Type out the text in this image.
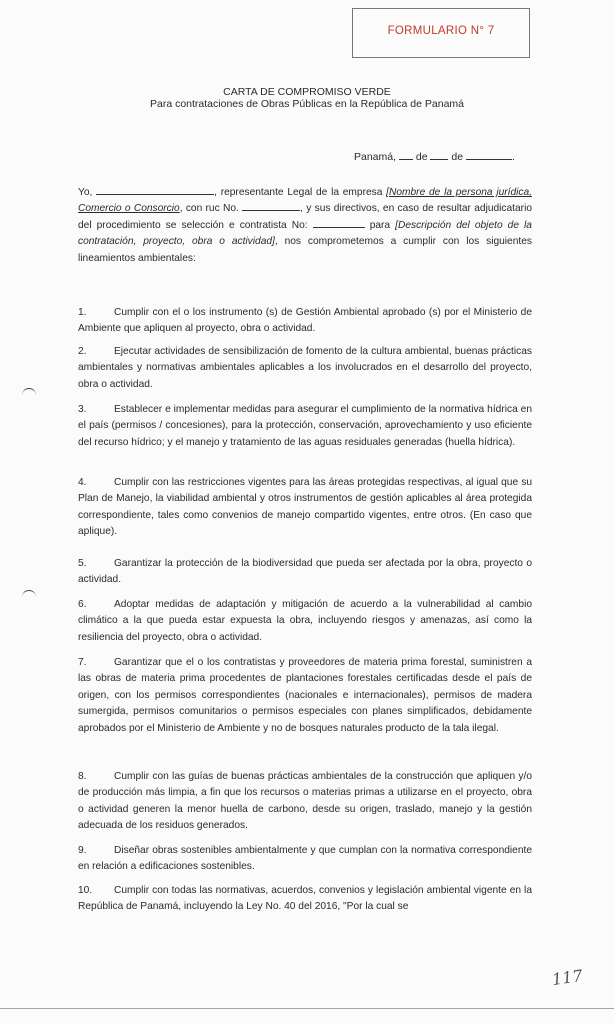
FORMULARIO N° 7
CARTA DE COMPROMISO VERDE
Para contrataciones de Obras Públicas en la República de Panamá
Panamá, de de	.
Yo,	, representante Legal de la empresa [Nombre de la persona jurídica, Comercio o Consorcio, con ruc No.	, y sus directivos, en caso de resultar adjudicatario del procedimiento se selección e contratista No:	para [Descripción del objeto de la contratación, proyecto, obra o actividad], nos comprometemos a cumplir con los siguientes lineamientos ambientales:
1.	Cumplir con el o los instrumento (s) de Gestión Ambiental aprobado (s) por el Ministerio de Ambiente que apliquen al proyecto, obra o actividad.
2.	Ejecutar actividades de sensibilización de fomento de la cultura ambiental, buenas prácticas ambientales y normativas ambientales aplicables a los involucrados en el desarrollo del proyecto, obra o actividad.
3.	Establecer e implementar medidas para asegurar el cumplimiento de la normativa hídrica en el país (permisos / concesiones), para la protección, conservación, aprovechamiento y uso eficiente del recurso hídrico; y el manejo y tratamiento de las aguas residuales generadas (huella hídrica).
4.	Cumplir con las restricciones vigentes para las áreas protegidas respectivas, al igual que su Plan de Manejo, la viabilidad ambiental y otros instrumentos de gestión aplicables al área protegida correspondiente, tales como convenios de manejo compartido vigentes, entre otros. (En caso que aplique).
5.	Garantizar la protección de la biodiversidad que pueda ser afectada por la obra, proyecto o actividad.
6.	Adoptar medidas de adaptación y mitigación de acuerdo a la vulnerabilidad al cambio climático a la que pueda estar expuesta la obra, incluyendo riesgos y amenazas, así como la resiliencia del proyecto, obra o actividad.
7.	Garantizar que el o los contratistas y proveedores de materia prima forestal, suministren a las obras de materia prima procedentes de plantaciones forestales certificadas desde el país de origen, con los permisos correspondientes (nacionales e internacionales), permisos de madera sumergida, permisos comunitarios o permisos especiales con planes simplificados, debidamente aprobados por el Ministerio de Ambiente y no de bosques naturales producto de la tala ilegal.
8.	Cumplir con las guías de buenas prácticas ambientales de la construcción que apliquen y/o de producción más limpia, a fin que los recursos o materias primas a utilizarse en el proyecto, obra o actividad generen la menor huella de carbono, desde su origen, traslado, manejo y la gestión adecuada de los residuos generados.
9.	Diseñar obras sostenibles ambientalmente y que cumplan con la normativa correspondiente en relación a edificaciones sostenibles.
10. Cumplir con todas las normativas, acuerdos, convenios y legislación ambiental vigente en la República de Panamá, incluyendo la Ley No. 40 del 2016, "Por la cual se
117
